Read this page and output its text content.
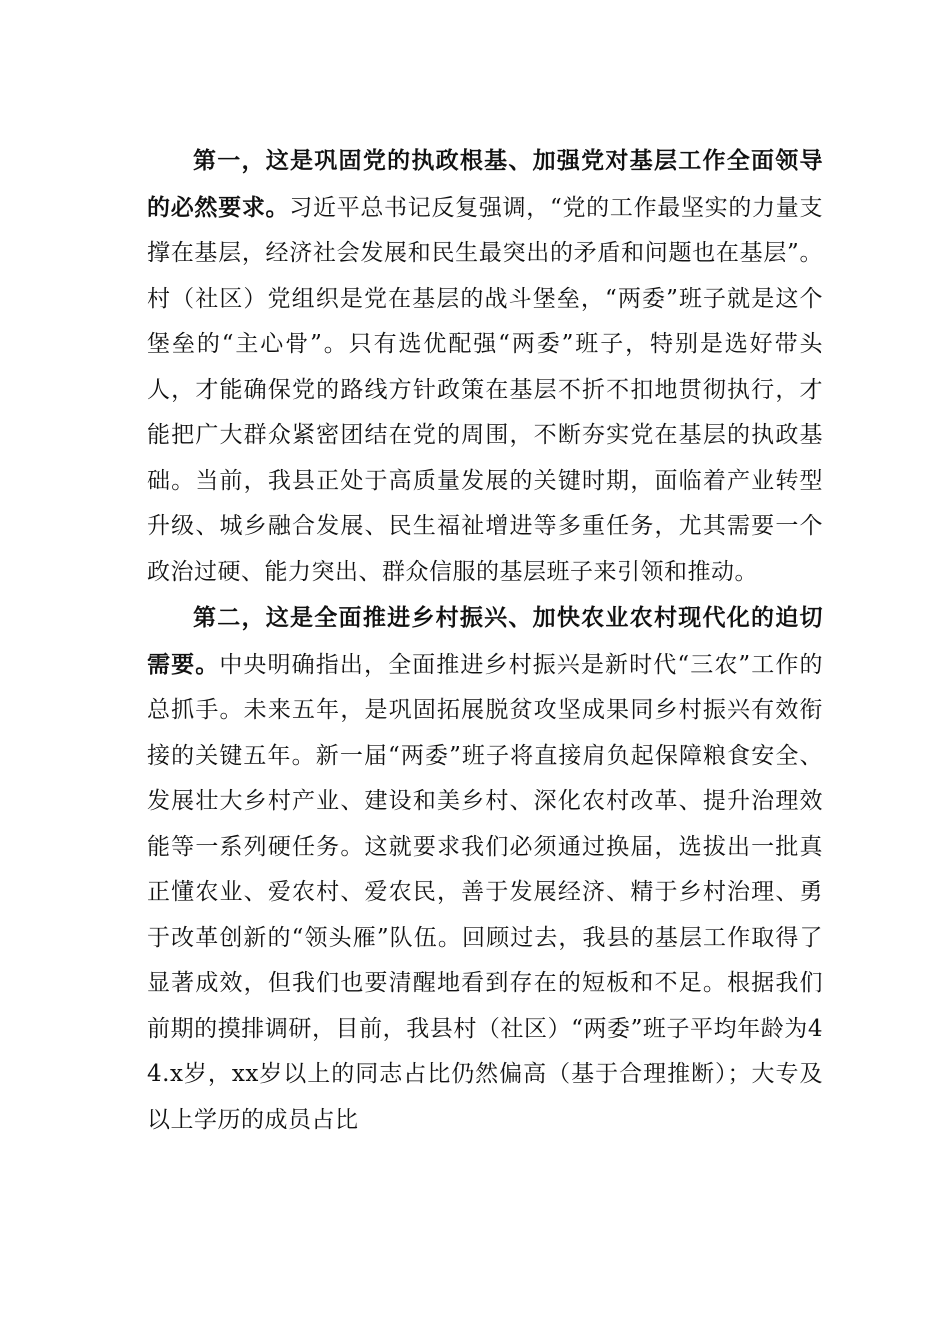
第一，这是巩固党的执政根基、加强党对基层工作全面领导的必然要求。习近平总书记反复强调，“党的工作最坚实的力量支撑在基层，经济社会发展和民生最突出的矛盾和问题也在基层”。村（社区）党组织是党在基层的战斗堡垒，“两委”班子就是这个堡垒的“主心骨”。只有选优配强“两委”班子，特别是选好带头人，才能确保党的路线方针政策在基层不折不扣地贯彻执行，才能把广大群众紧密团结在党的周围，不断夯实党在基层的执政基础。当前，我县正处于高质量发展的关键时期，面临着产业转型升级、城乡融合发展、民生福祉增进等多重任务，尤其需要一个政治过硬、能力突出、群众信服的基层班子来引领和推动。

第二，这是全面推进乡村振兴、加快农业农村现代化的迫切需要。中央明确指出，全面推进乡村振兴是新时代“三农”工作的总抓手。未来五年，是巩固拓展脱贫攻坚成果同乡村振兴有效衔接的关键五年。新一届“两委”班子将直接肩负起保障粮食安全、发展壮大乡村产业、建设和美乡村、深化农村改革、提升治理效能等一系列硬任务。这就要求我们必须通过换届，选拔出一批真正懂农业、爱农村、爱农民，善于发展经济、精于乡村治理、勇于改革创新的“领头雁”队伍。回顾过去，我县的基层工作取得了显著成效，但我们也要清醒地看到存在的短板和不足。根据我们前期的摸排调研，目前，我县村（社区）“两委”班子平均年龄为44.x岁，xx岁以上的同志占比仍然偏高（基于合理推断）；大专及以上学历的成员占比
